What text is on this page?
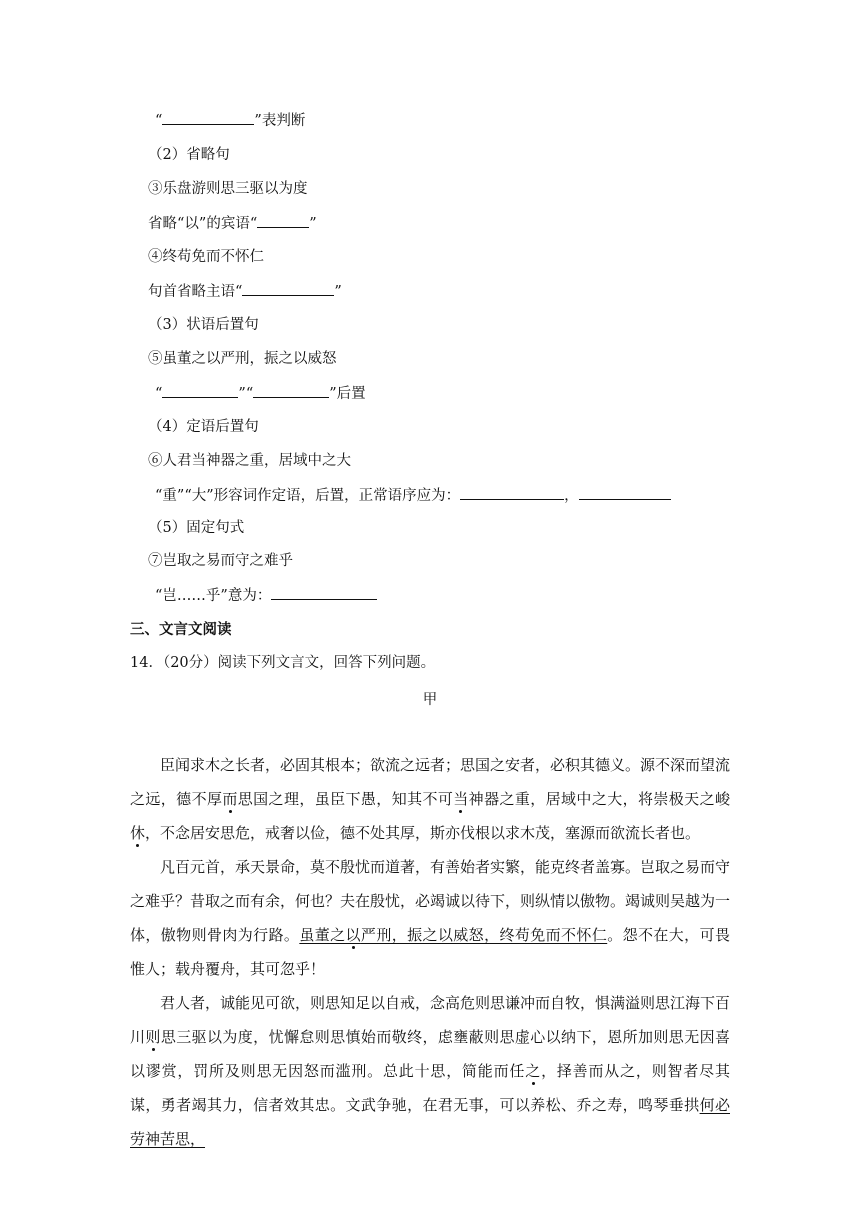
“	”表判断
（2）省略句
③乐盘游则思三驱以为度
省略“以”的宾语“	”
④终苟免而不怀仁
句首省略主语“	”
（3）状语后置句
⑤虽董之以严刑，振之以威怒
“	”“	”后置
（4）定语后置句
⑥人君当神器之重，居域中之大
“重”“大”形容词作定语，后置，正常语序应为：	，
（5）固定句式
⑦岂取之易而守之难乎
“岂……乎”意为：
三、文言文阅读
14．（20分）阅读下列文言文，回答下列问题。
甲
臣闻求木之长者，必固其根本；欲流之远者；思国之安者，必积其德义。源不深而望流之远，德不厚而思国之理，虽臣下愚，知其不可当神器之重，居域中之大，将崇极天之峻休，不念居安思危，戒奢以俭，德不处其厚，斯亦伐根以求木茂，塞源而欲流长者也。
凡百元首，承天景命，莫不殷忧而道著，有善始者实繁，能克终者盖寡。岂取之易而守之难乎？昔取之而有余，何也？夫在殷忧，必竭诚以待下，则纵情以傲物。竭诚则吴越为一体，傲物则骨肉为行路。虽董之以严刑，振之以威怒，终苟免而不怀仁。怨不在大，可畏惟人；载舟覆舟，其可忽乎！
君人者，诚能见可欲，则思知足以自戒，念高危则思谦冲而自牧，惧满溢则思江海下百川则思三驱以为度，忧懈怠则思慎始而敬终，虑壅蔽则思虚心以纳下，恩所加则思无因喜以谬赏，罚所及则思无因怒而滥刑。总此十思，简能而任之，择善而从之，则智者尽其谋，勇者竭其力，信者效其忠。文武争驰，在君无事，可以养松、乔之寿，鸣琴垂拱何必劳神苦思，
